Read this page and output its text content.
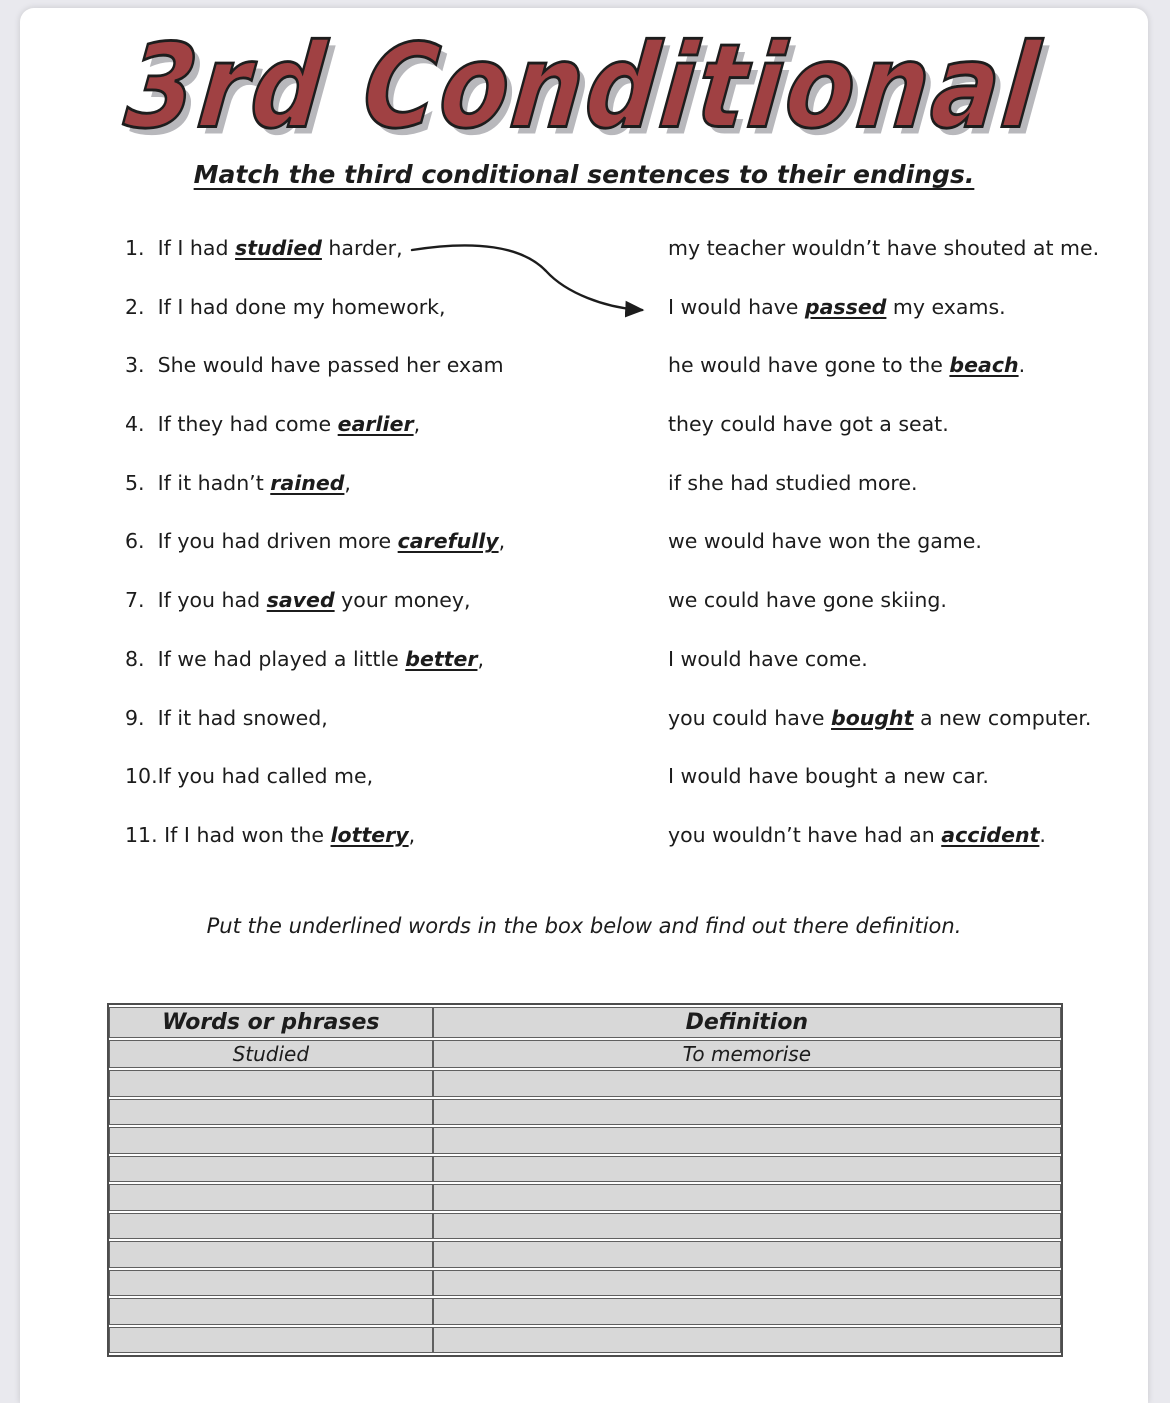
3rd Conditional
Match the third conditional sentences to their endings.
1.  If I had studied harder,	my teacher wouldn’t have shouted at me.
2.  If I had done my homework,	I would have passed my exams.
3.  She would have passed her exam	he would have gone to the beach.
4.  If they had come earlier,	they could have got a seat.
5.  If it hadn’t rained,	if she had studied more.
6.  If you had driven more carefully,	we would have won the game.
7.  If you had saved your money,	we could have gone skiing.
8.  If we had played a little better,	I would have come.
9.  If it had snowed,	you could have bought a new computer.
10.If you had called me,	I would have bought a new car.
11. If I had won the lottery,	you wouldn’t have had an accident.
Put the underlined words in the box below and find out there definition.
Words or phrases	Definition
Studied	To memorise
